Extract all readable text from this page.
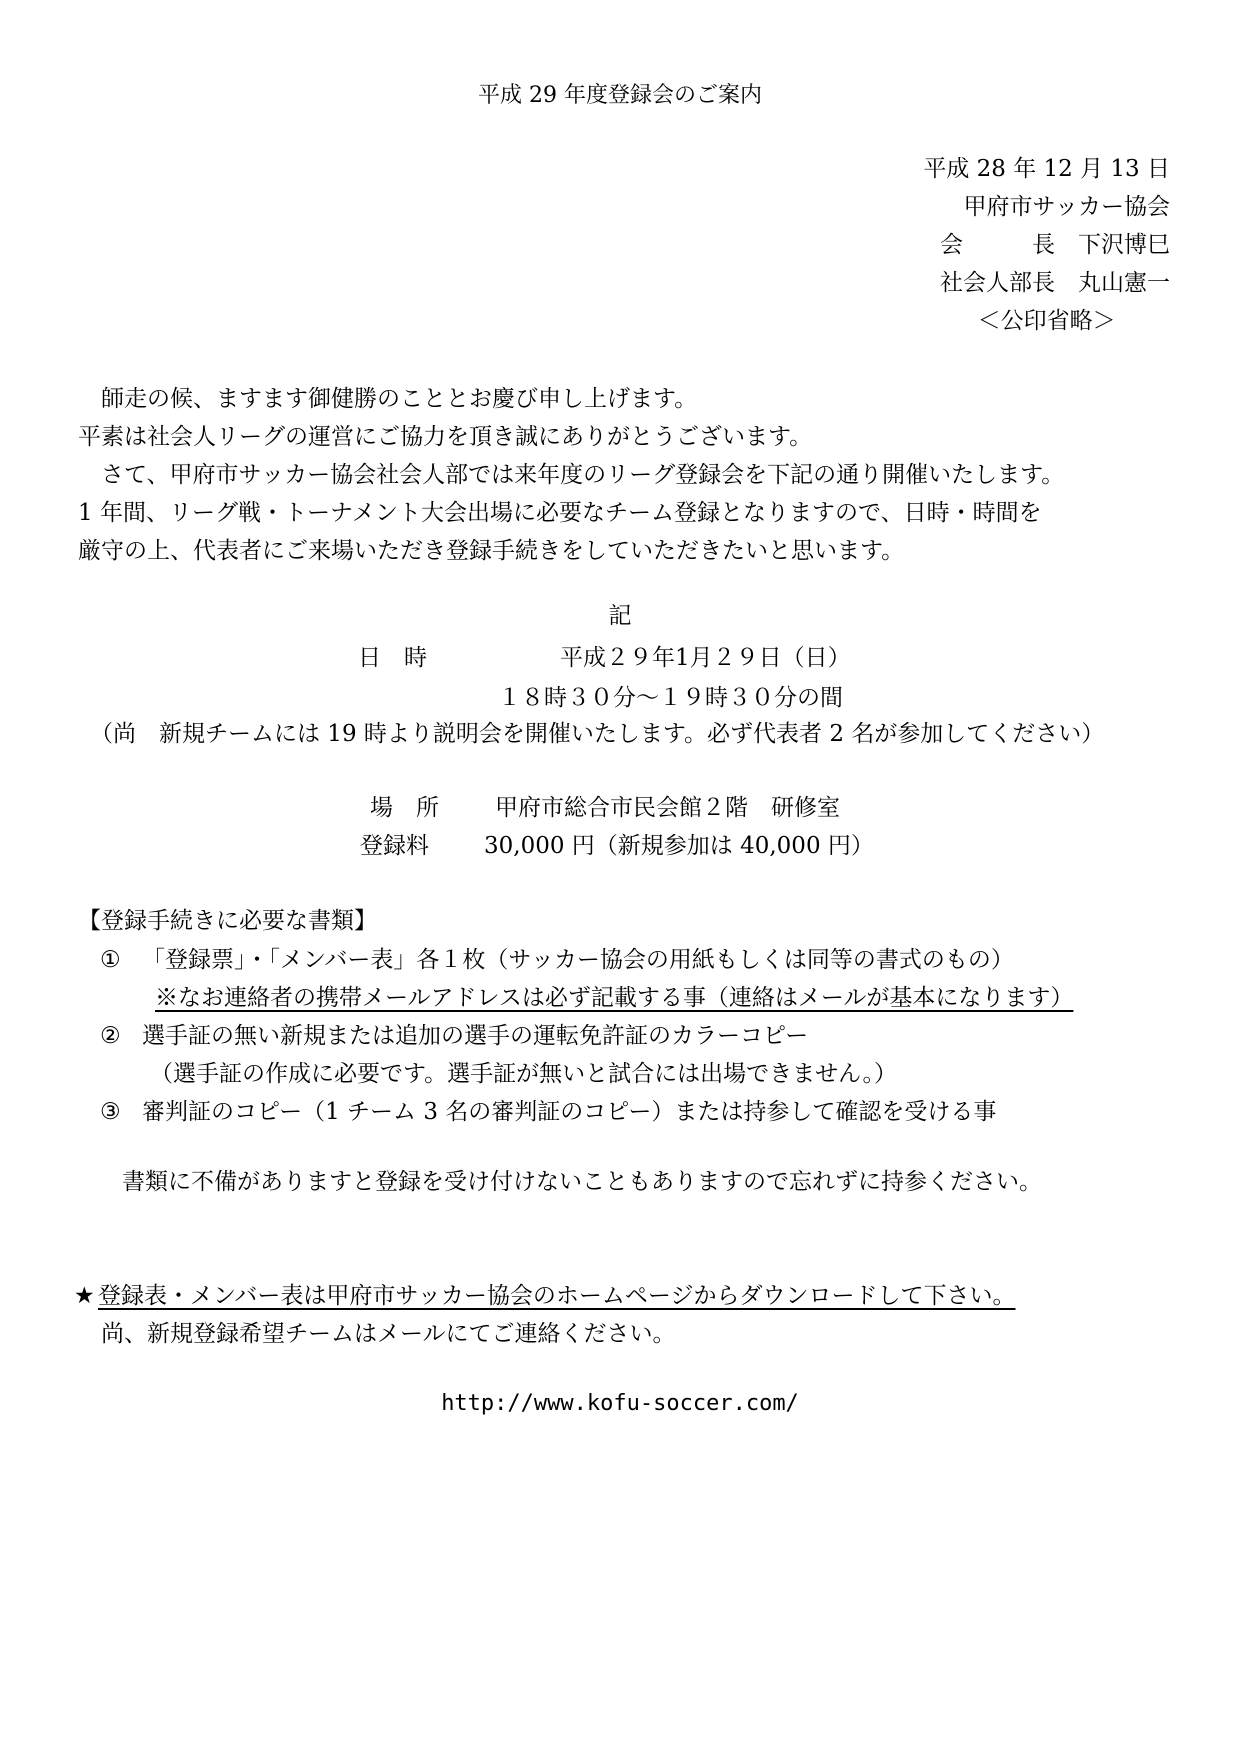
平成 29 年度登録会のご案内
平成 28 年 12 月 13 日
甲府市サッカー協会
会　　　長　下沢博巳
社会人部長　丸山憲一
＜公印省略＞
　師走の候、ますます御健勝のこととお慶び申し上げます。
平素は社会人リーグの運営にご協力を頂き誠にありがとうございます。
　さて、甲府市サッカー協会社会人部では来年度のリーグ登録会を下記の通り開催いたします。
1 年間、リーグ戦・トーナメント大会出場に必要なチーム登録となりますので、日時・時間を
厳守の上、代表者にご来場いただき登録手続きをしていただきたいと思います。
記
日　時	平成２９年1月２９日（日）
１８時３０分～１９時３０分の間
（尚　新規チームには 19 時より説明会を開催いたします。必ず代表者 2 名が参加してください）
場　所 甲府市総合市民会館２階　研修室
登録料 30,000 円（新規参加は 40,000 円）
【登録手続きに必要な書類】
① 「登録票」・「メンバー表」各１枚（サッカー協会の用紙もしくは同等の書式のもの）
※なお連絡者の携帯メールアドレスは必ず記載する事（連絡はメールが基本になります）
② 選手証の無い新規または追加の選手の運転免許証のカラーコピー
（選手証の作成に必要です。選手証が無いと試合には出場できません。）
③ 審判証のコピー（1 チーム 3 名の審判証のコピー）または持参して確認を受ける事
書類に不備がありますと登録を受け付けないこともありますので忘れずに持参ください。
★ 登録表・メンバー表は甲府市サッカー協会のホームページからダウンロードして下さい。
　尚、新規登録希望チームはメールにてご連絡ください。
http://www.kofu-soccer.com/
